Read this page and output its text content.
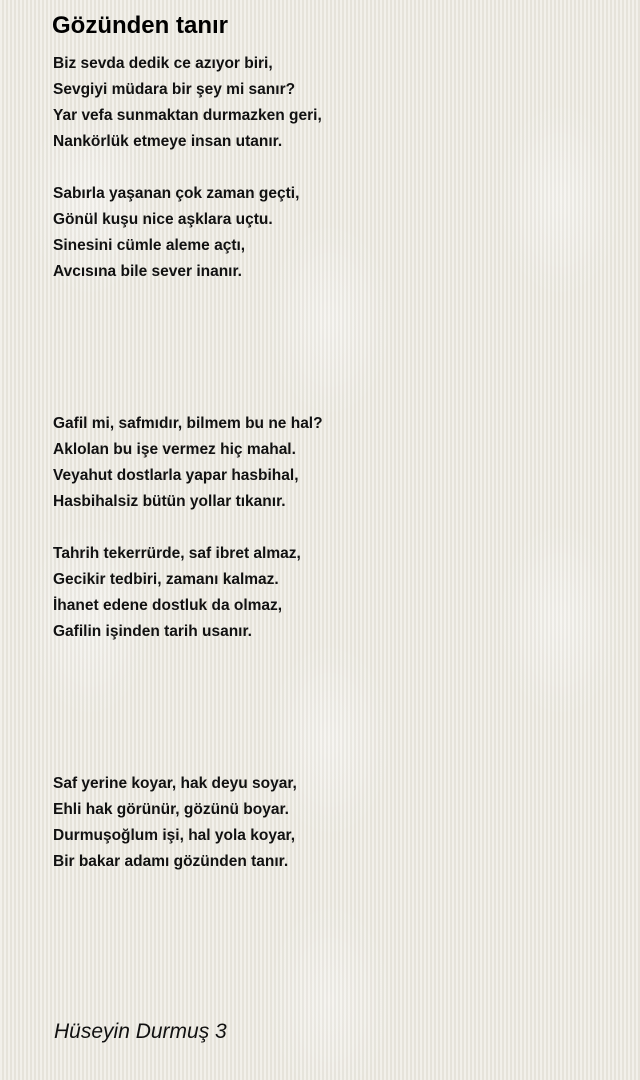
Gözünden tanır
Biz sevda dedik ce azıyor biri,
Sevgiyi müdara bir şey mi sanır?
Yar vefa sunmaktan durmazken geri,
Nankörlük etmeye insan utanır.
Sabırla yaşanan çok zaman geçti,
Gönül kuşu nice aşklara uçtu.
Sinesini cümle aleme açtı,
Avcısına bile sever inanır.
Gafil mi, safmıdır, bilmem bu ne hal?
Aklolan bu işe vermez hiç mahal.
Veyahut dostlarla yapar hasbihal,
Hasbihalsiz bütün yollar tıkanır.
Tahrih tekerrürde, saf ibret almaz,
Gecikir tedbiri, zamanı kalmaz.
İhanet edene dostluk da olmaz,
Gafilin işinden tarih usanır.
Saf yerine koyar, hak deyu soyar,
Ehli hak görünür, gözünü boyar.
Durmuşoğlum işi, hal yola koyar,
Bir bakar adamı gözünden tanır.
Hüseyin Durmuş 3
